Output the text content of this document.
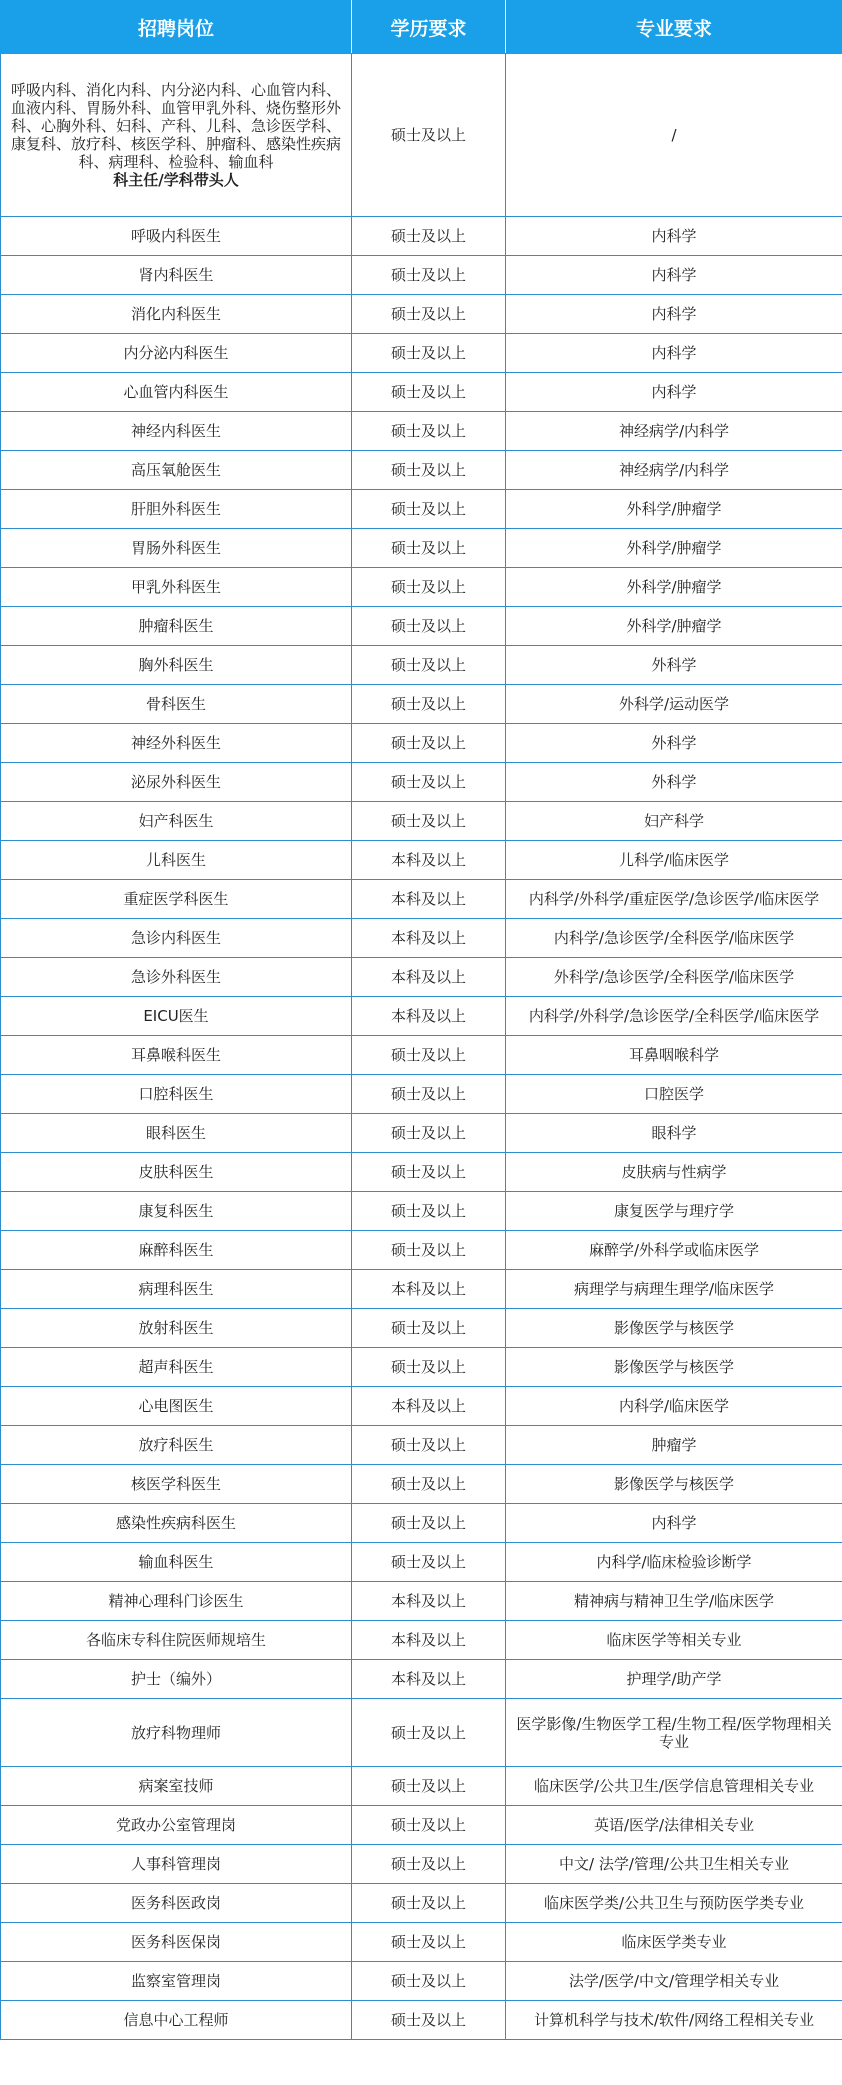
招聘岗位	学历要求	专业要求
呼吸内科、消化内科、内分泌内科、心血管内科、血液内科、胃肠外科、血管甲乳外科、烧伤整形外科、心胸外科、妇科、产科、儿科、急诊医学科、康复科、放疗科、核医学科、肿瘤科、感染性疾病科、病理科、检验科、输血科
科主任/学科带头人	硕士及以上	/
呼吸内科医生	硕士及以上	内科学
肾内科医生	硕士及以上	内科学
消化内科医生	硕士及以上	内科学
内分泌内科医生	硕士及以上	内科学
心血管内科医生	硕士及以上	内科学
神经内科医生	硕士及以上	神经病学/内科学
高压氧舱医生	硕士及以上	神经病学/内科学
肝胆外科医生	硕士及以上	外科学/肿瘤学
胃肠外科医生	硕士及以上	外科学/肿瘤学
甲乳外科医生	硕士及以上	外科学/肿瘤学
肿瘤科医生	硕士及以上	外科学/肿瘤学
胸外科医生	硕士及以上	外科学
骨科医生	硕士及以上	外科学/运动医学
神经外科医生	硕士及以上	外科学
泌尿外科医生	硕士及以上	外科学
妇产科医生	硕士及以上	妇产科学
儿科医生	本科及以上	儿科学/临床医学
重症医学科医生	本科及以上	内科学/外科学/重症医学/急诊医学/临床医学
急诊内科医生	本科及以上	内科学/急诊医学/全科医学/临床医学
急诊外科医生	本科及以上	外科学/急诊医学/全科医学/临床医学
EICU医生	本科及以上	内科学/外科学/急诊医学/全科医学/临床医学
耳鼻喉科医生	硕士及以上	耳鼻咽喉科学
口腔科医生	硕士及以上	口腔医学
眼科医生	硕士及以上	眼科学
皮肤科医生	硕士及以上	皮肤病与性病学
康复科医生	硕士及以上	康复医学与理疗学
麻醉科医生	硕士及以上	麻醉学/外科学或临床医学
病理科医生	本科及以上	病理学与病理生理学/临床医学
放射科医生	硕士及以上	影像医学与核医学
超声科医生	硕士及以上	影像医学与核医学
心电图医生	本科及以上	内科学/临床医学
放疗科医生	硕士及以上	肿瘤学
核医学科医生	硕士及以上	影像医学与核医学
感染性疾病科医生	硕士及以上	内科学
输血科医生	硕士及以上	内科学/临床检验诊断学
精神心理科门诊医生	本科及以上	精神病与精神卫生学/临床医学
各临床专科住院医师规培生	本科及以上	临床医学等相关专业
护士（编外）	本科及以上	护理学/助产学
放疗科物理师	硕士及以上	医学影像/生物医学工程/生物工程/医学物理相关专业
病案室技师	硕士及以上	临床医学/公共卫生/医学信息管理相关专业
党政办公室管理岗	硕士及以上	英语/医学/法律相关专业
人事科管理岗	硕士及以上	中文/ 法学/管理/公共卫生相关专业
医务科医政岗	硕士及以上	临床医学类/公共卫生与预防医学类专业
医务科医保岗	硕士及以上	临床医学类专业
监察室管理岗	硕士及以上	法学/医学/中文/管理学相关专业
信息中心工程师	硕士及以上	计算机科学与技术/软件/网络工程相关专业
